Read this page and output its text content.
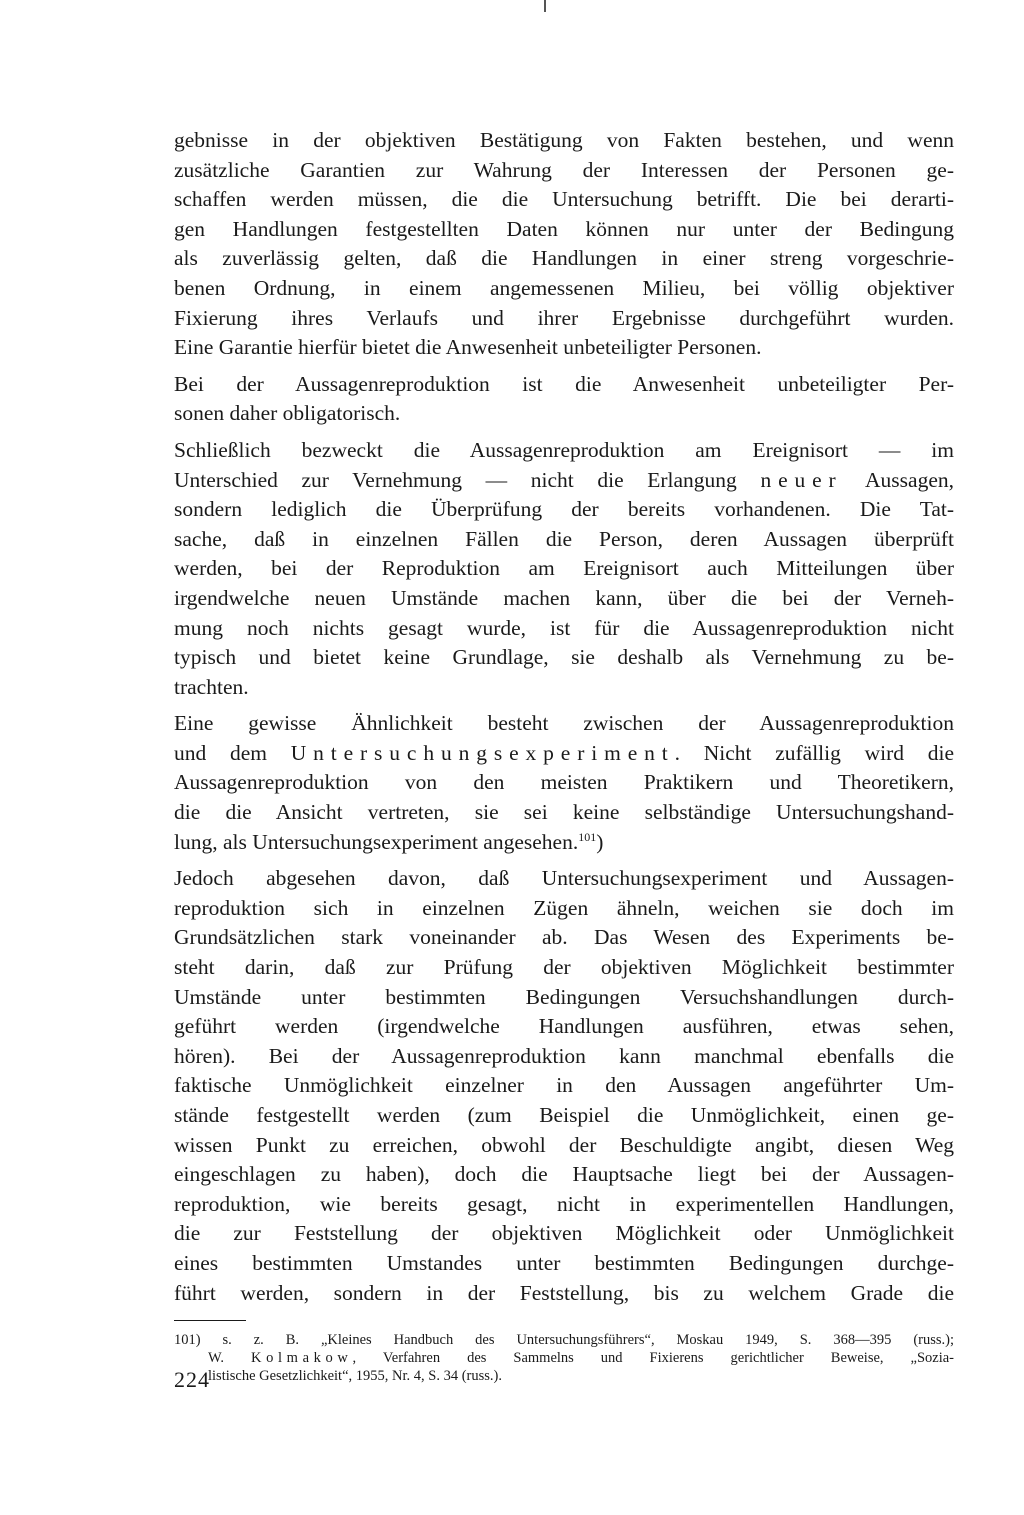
gebnisse in der objektiven Bestätigung von Fakten bestehen, und wenn
zusätzliche Garantien zur Wahrung der Interessen der Personen ge-
schaffen werden müssen, die die Untersuchung betrifft. Die bei derarti-
gen Handlungen festgestellten Daten können nur unter der Bedingung
als zuverlässig gelten, daß die Handlungen in einer streng vorgeschrie-
benen Ordnung, in einem angemessenen Milieu, bei völlig objektiver
Fixierung ihres Verlaufs und ihrer Ergebnisse durchgeführt wurden.
Eine Garantie hierfür bietet die Anwesenheit unbeteiligter Personen.

Bei der Aussagenreproduktion ist die Anwesenheit unbeteiligter Per-
sonen daher obligatorisch.

Schließlich bezweckt die Aussagenreproduktion am Ereignisort — im
Unterschied zur Vernehmung — nicht die Erlangung neuer Aussagen,
sondern lediglich die Überprüfung der bereits vorhandenen. Die Tat-
sache, daß in einzelnen Fällen die Person, deren Aussagen überprüft
werden, bei der Reproduktion am Ereignisort auch Mitteilungen über
irgendwelche neuen Umstände machen kann, über die bei der Verneh-
mung noch nichts gesagt wurde, ist für die Aussagenreproduktion nicht
typisch und bietet keine Grundlage, sie deshalb als Vernehmung zu be-
trachten.

Eine gewisse Ähnlichkeit besteht zwischen der Aussagenreproduktion
und dem Untersuchungsexperiment. Nicht zufällig wird die
Aussagenreproduktion von den meisten Praktikern und Theoretikern,
die die Ansicht vertreten, sie sei keine selbständige Untersuchungshand-
lung, als Untersuchungsexperiment angesehen.$^{101}$)

Jedoch abgesehen davon, daß Untersuchungsexperiment und Aussagen-
reproduktion sich in einzelnen Zügen ähneln, weichen sie doch im
Grundsätzlichen stark voneinander ab. Das Wesen des Experiments be-
steht darin, daß zur Prüfung der objektiven Möglichkeit bestimmter
Umstände unter bestimmten Bedingungen Versuchshandlungen durch-
geführt werden (irgendwelche Handlungen ausführen, etwas sehen,
hören). Bei der Aussagenreproduktion kann manchmal ebenfalls die
faktische Unmöglichkeit einzelner in den Aussagen angeführter Um-
stände festgestellt werden (zum Beispiel die Unmöglichkeit, einen ge-
wissen Punkt zu erreichen, obwohl der Beschuldigte angibt, diesen Weg
eingeschlagen zu haben), doch die Hauptsache liegt bei der Aussagen-
reproduktion, wie bereits gesagt, nicht in experimentellen Handlungen,
die zur Feststellung der objektiven Möglichkeit oder Unmöglichkeit
eines bestimmten Umstandes unter bestimmten Bedingungen durchge-
führt werden, sondern in der Feststellung, bis zu welchem Grade die

101) s. z. B. „Kleines Handbuch des Untersuchungsführers“, Moskau 1949, S. 368—395 (russ.);
W. Kolmakow, Verfahren des Sammelns und Fixierens gerichtlicher Beweise, „Sozia-
listische Gesetzlichkeit“, 1955, Nr. 4, S. 34 (russ.).
224
